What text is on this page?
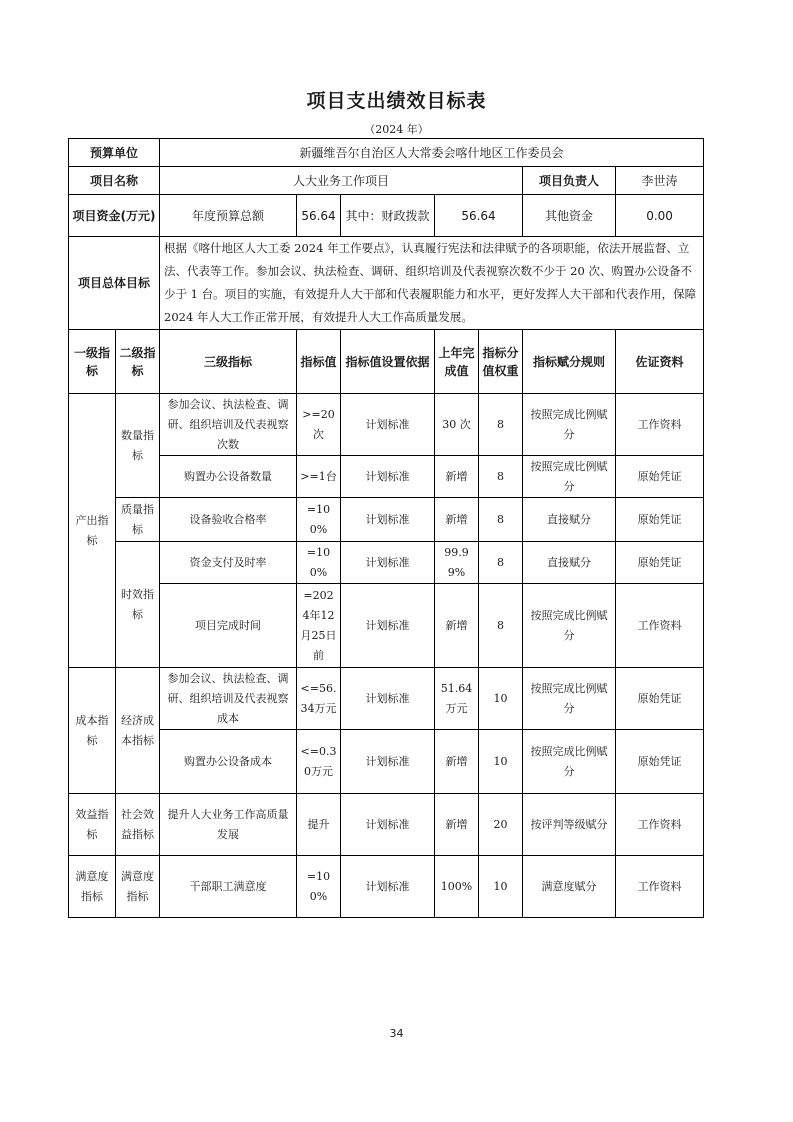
项目支出绩效目标表
（2024 年）
预算单位		新疆维吾尔自治区人大常委会喀什地区工作委员会						
项目名称		人大业务工作项目					项目负责人	李世涛
项目资金(万元)		年度预算总额	56.64	其中：财政拨款	56.64		其他资金	0.00
项目总体目标		根据《喀什地区人大工委 2024 年工作要点》，认真履行宪法和法律赋予的各项职能，依法开展监督、立法、代表等工作。参加会议、执法检查、调研、组织培训及代表视察次数不少于 20 次、购置办公设备不少于 1 台。项目的实施，有效提升人大干部和代表履职能力和水平，更好发挥人大干部和代表作用，保障 2024 年人大工作正常开展，有效提升人大工作高质量发展。						
一级指标	二级指标	三级指标	指标值	指标值设置依据	上年完成值	指标分值权重	指标赋分规则	佐证资料
产出指标	数量指标	参加会议、执法检查、调研、组织培训及代表视察次数	>=20次	计划标准	30 次	8	按照完成比例赋分	工作资料
		购置办公设备数量	>=1台	计划标准	新增	8	按照完成比例赋分	原始凭证
	质量指标	设备验收合格率	=100%	计划标准	新增	8	直接赋分	原始凭证
	时效指标	资金支付及时率	=100%	计划标准	99.99%	8	直接赋分	原始凭证
		项目完成时间	=2024年12月25日前	计划标准	新增	8	按照完成比例赋分	工作资料
成本指标	经济成本指标	参加会议、执法检查、调研、组织培训及代表视察成本	<=56.34万元	计划标准	51.64万元	10	按照完成比例赋分	原始凭证
		购置办公设备成本	<=0.30万元	计划标准	新增	10	按照完成比例赋分	原始凭证
效益指标	社会效益指标	提升人大业务工作高质量发展	提升	计划标准	新增	20	按评判等级赋分	工作资料
满意度指标	满意度指标	干部职工满意度	=100%	计划标准	100%	10	满意度赋分	工作资料
34
